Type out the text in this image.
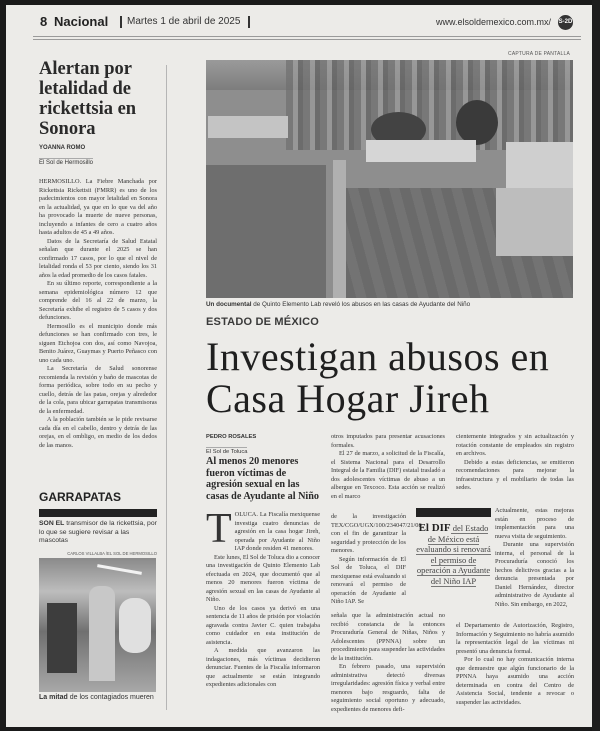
8 Nacional Martes 1 de abril de 2025	www.elsoldemexico.com.mx/ S-2D
CAPTURA DE PANTALLA
Alertan por letalidad de rickettsia en Sonora
YOANNA ROMO
El Sol de Hermosillo

HERMOSILLO. La Fiebre Manchada por Rickettsia Rickettsii (FMRR) es uno de los padecimientos con mayor letalidad en Sonora en la actualidad, ya que en lo que va del año ha provocado la muerte de nueve personas, incluyendo a infantes de cero a cuatro años hasta adultos de 45 a 49 años.

Datos de la Secretaría de Salud Estatal señalan que durante el 2025 se han confirmado 17 casos, por lo que el nivel de letalidad ronda el 53 por ciento, siendo los 31 años la edad promedio de los casos fatales.

En su último reporte, correspondiente a la semana epidemiológica número 12 que comprende del 16 al 22 de marzo, la Secretaría exhibe el registro de 5 casos y dos defunciones.

Hermosillo es el municipio donde más defunciones se han confirmado con tres, le siguen Etchojoa con dos, así como Navojoa, Benito Juárez, Guaymas y Puerto Peñasco con uno cada uno.

La Secretaría de Salud sonorense recomienda la revisión y baño de mascotas de forma periódica, sobre todo en su pecho y cuello, detrás de las patas, orejas y alrededor de la cola, para ubicar garrapatas transmisoras de la enfermedad.

A la población también se le pide revisarse cada día en el cabello, dentro y detrás de las orejas, en el ombligo, en medio de los dedos de las manos.

GARRAPATAS
SON EL transmisor de la rickettsia, por lo que se sugiere revisar a las mascotas
CARLOS VILLALBA /EL SOL DE HERMOSILLO
La mitad de los contagiados mueren
Un documental de Quinto Elemento Lab reveló los abusos en las casas de Ayudante del Niño
ESTADO DE MÉXICO
Investigan abusos en Casa Hogar Jireh
PEDRO ROSALES
El Sol de Toluca
Al menos 20 menores fueron víctimas de agresión sexual en las casas de Ayudante al Niño

TOLUCA. La Fiscalía mexiquense investiga cuatro denuncias de agresión en la casa hogar Jireh, operada por Ayudante al Niño IAP donde residen 41 menores.

Este lunes, El Sol de Toluca dio a conocer una investigación de Quinto Elemento Lab efectuada en 2024, que documentó que al menos 20 menores fueron víctima de agresión sexual en las casas de Ayudante al Niño.

Uno de los casos ya derivó en una sentencia de 11 años de prisión por violación agravada contra Javier C. quien trabajaba como cuidador en esta institución de asistencia.

A medida que avanzaron las indagaciones, más víctimas decidieron denunciar. Fuentes de la Fiscalía informaron que actualmente se están integrando expedientes adicionales con

otros imputados para presentar acusaciones formales.

El 27 de marzo, a solicitud de la Fiscalía, el Sistema Nacional para el Desarrollo Integral de la Familia (DIF) estatal trasladó a dos adolescentes víctimas de abuso a un albergue en Texcoco. Esta acción se realizó en el marco

de la investigación TEX/CGO/UGX/100/234047/21/08, con el fin de garantizar la seguridad y protección de los menores.

Según información de El Sol de Toluca, el DIF mexiquense está evaluando si renovará el permiso de operación de Ayudante al Niño IAP. Se

señala que la administración actual no recibió constancia de la entonces Procuraduría General de Niñas, Niños y Adolescentes (PPNNA) sobre un procedimiento para suspender las actividades de la institución.

En febrero pasado, una supervisión administrativa detectó diversas irregularidades: agresión física y verbal entre menores bajo resguardo, falta de seguimiento social oportuno y adecuado, expedientes de menores defi-

El DIF del Estado de México está evaluando si renovará el permiso de operación a Ayudante del Niño IAP

cientemente integrados y sin actualización y rotación constante de empleados sin registro en archivos.

Debido a estas deficiencias, se emitieron recomendaciones para mejorar la infraestructura y el mobiliario de todas las sedes.

Actualmente, estas mejoras están en proceso de implementación para una nueva visita de seguimiento.

Durante una supervisión interna, el personal de la Procuraduría conoció los hechos delictivos gracias a la denuncia presentada por Daniel Hernández, director administrativo de Ayudante al Niño. Sin embargo, en 2022,

el Departamento de Autorización, Registro, Información y Seguimiento no habría asumido la representación legal de las víctimas ni presentó una denuncia formal.

Por lo cual no hay comunicación interna que demuestre que algún funcionario de la PPNNA haya asumido una acción determinada en contra del Centro de Asistencia Social, tendente a revocar o suspender las actividades.
